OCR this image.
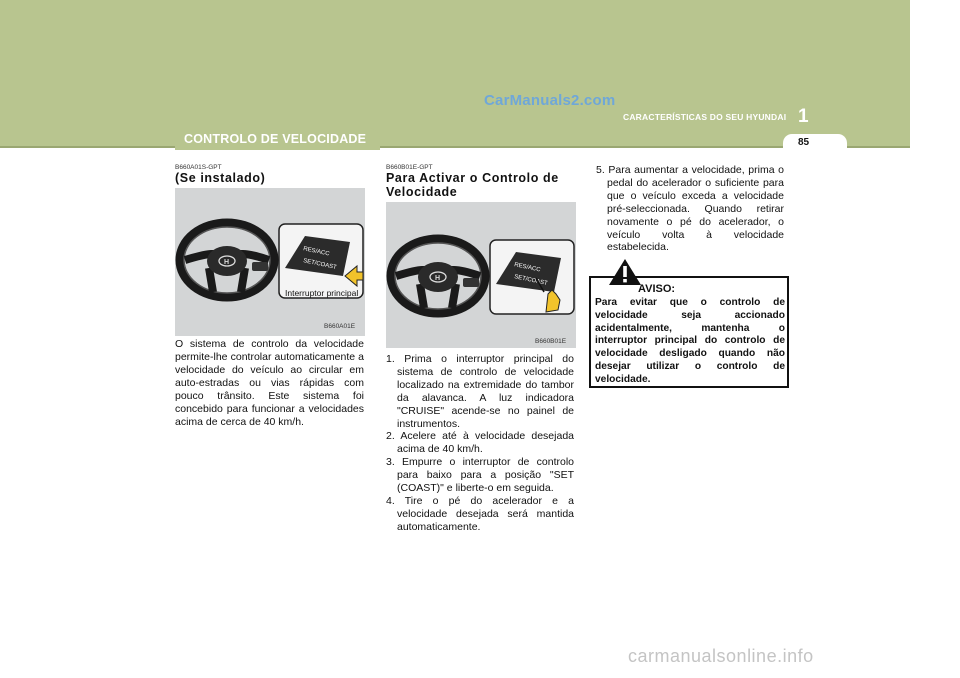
CarManuals2.com
CARACTERÍSTICAS DO SEU HYUNDAI 1
85
CONTROLO DE VELOCIDADE
B660A01S-GPT
(Se instalado)
H
RES/ACC
SET/COAST
Interruptor principal
B660A01E
O sistema de controlo da velocidade permite-lhe controlar automaticamente a velocidade do veículo ao circular em auto-estradas ou vias rápidas com pouco trânsito. Este sistema foi concebido para funcionar a velocidades acima de cerca de 40 km/h.
B660B01E-GPT
Para Activar o Controlo de Velocidade
H
RES/ACC
SET/COAST
B660B01E
1. Prima o interruptor principal do sistema de controlo de velocidade localizado na extremidade do tambor da alavanca. A luz indicadora "CRUISE" acende-se no painel de instrumentos.
2. Acelere até à velocidade desejada acima de 40 km/h.
3. Empurre o interruptor de controlo para baixo para a posição "SET (COAST)" e liberte-o em seguida.
4. Tire o pé do acelerador e a velocidade desejada será mantida automaticamente.
5. Para aumentar a velocidade, prima o pedal do acelerador o suficiente para que o veículo exceda a velocidade pré-seleccionada. Quando retirar novamente o pé do acelerador, o veículo volta à velocidade estabelecida.
AVISO:
Para evitar que o controlo de velocidade seja accionado acidentalmente, mantenha o interruptor principal do controlo de velocidade desligado quando não desejar utilizar o controlo de velocidade.
carmanualsonline.info
